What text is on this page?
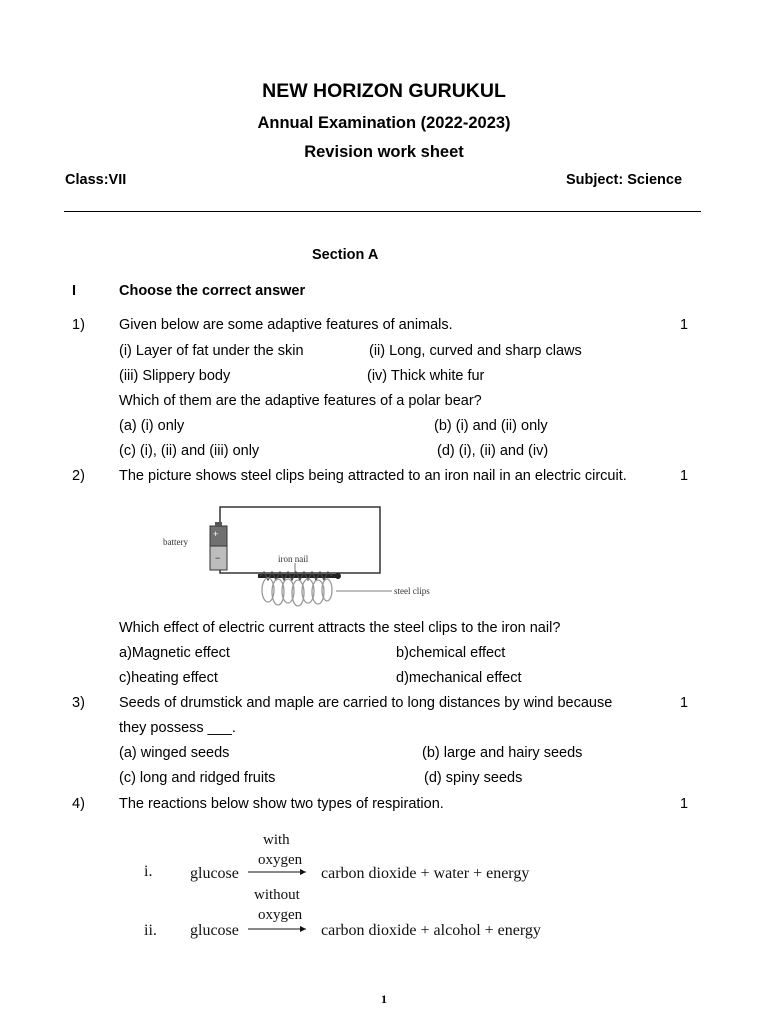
NEW HORIZON GURUKUL
Annual Examination (2022-2023)
Revision work sheet
Class:VII	Subject: Science
Section A
I	Choose the correct answer
1) Given below are some adaptive features of animals.	1
(i) Layer of fat under the skin	(ii) Long, curved and sharp claws
(iii) Slippery body	(iv) Thick white fur
Which of them are the adaptive features of a polar bear?
(a) (i) only	(b) (i) and (ii) only
(c) (i), (ii) and (iii) only	(d) (i), (ii) and (iv)
2) The picture shows steel clips being attracted to an iron nail in an electric circuit.	1
+
−
battery
iron nail
steel clips
Which effect of electric current attracts the steel clips to the iron nail?
a)Magnetic effect	b)chemical effect
c)heating effect	d)mechanical effect
3) Seeds of drumstick and maple are carried to long distances by wind because	1
they possess ___.
(a) winged seeds	(b) large and hairy seeds
(c) long and ridged fruits	(d) spiny seeds
4) The reactions below show two types of respiration.	1
i. glucose
with
oxygen
carbon dioxide + water + energy
ii. glucose
without
oxygen
carbon dioxide + alcohol + energy
1
